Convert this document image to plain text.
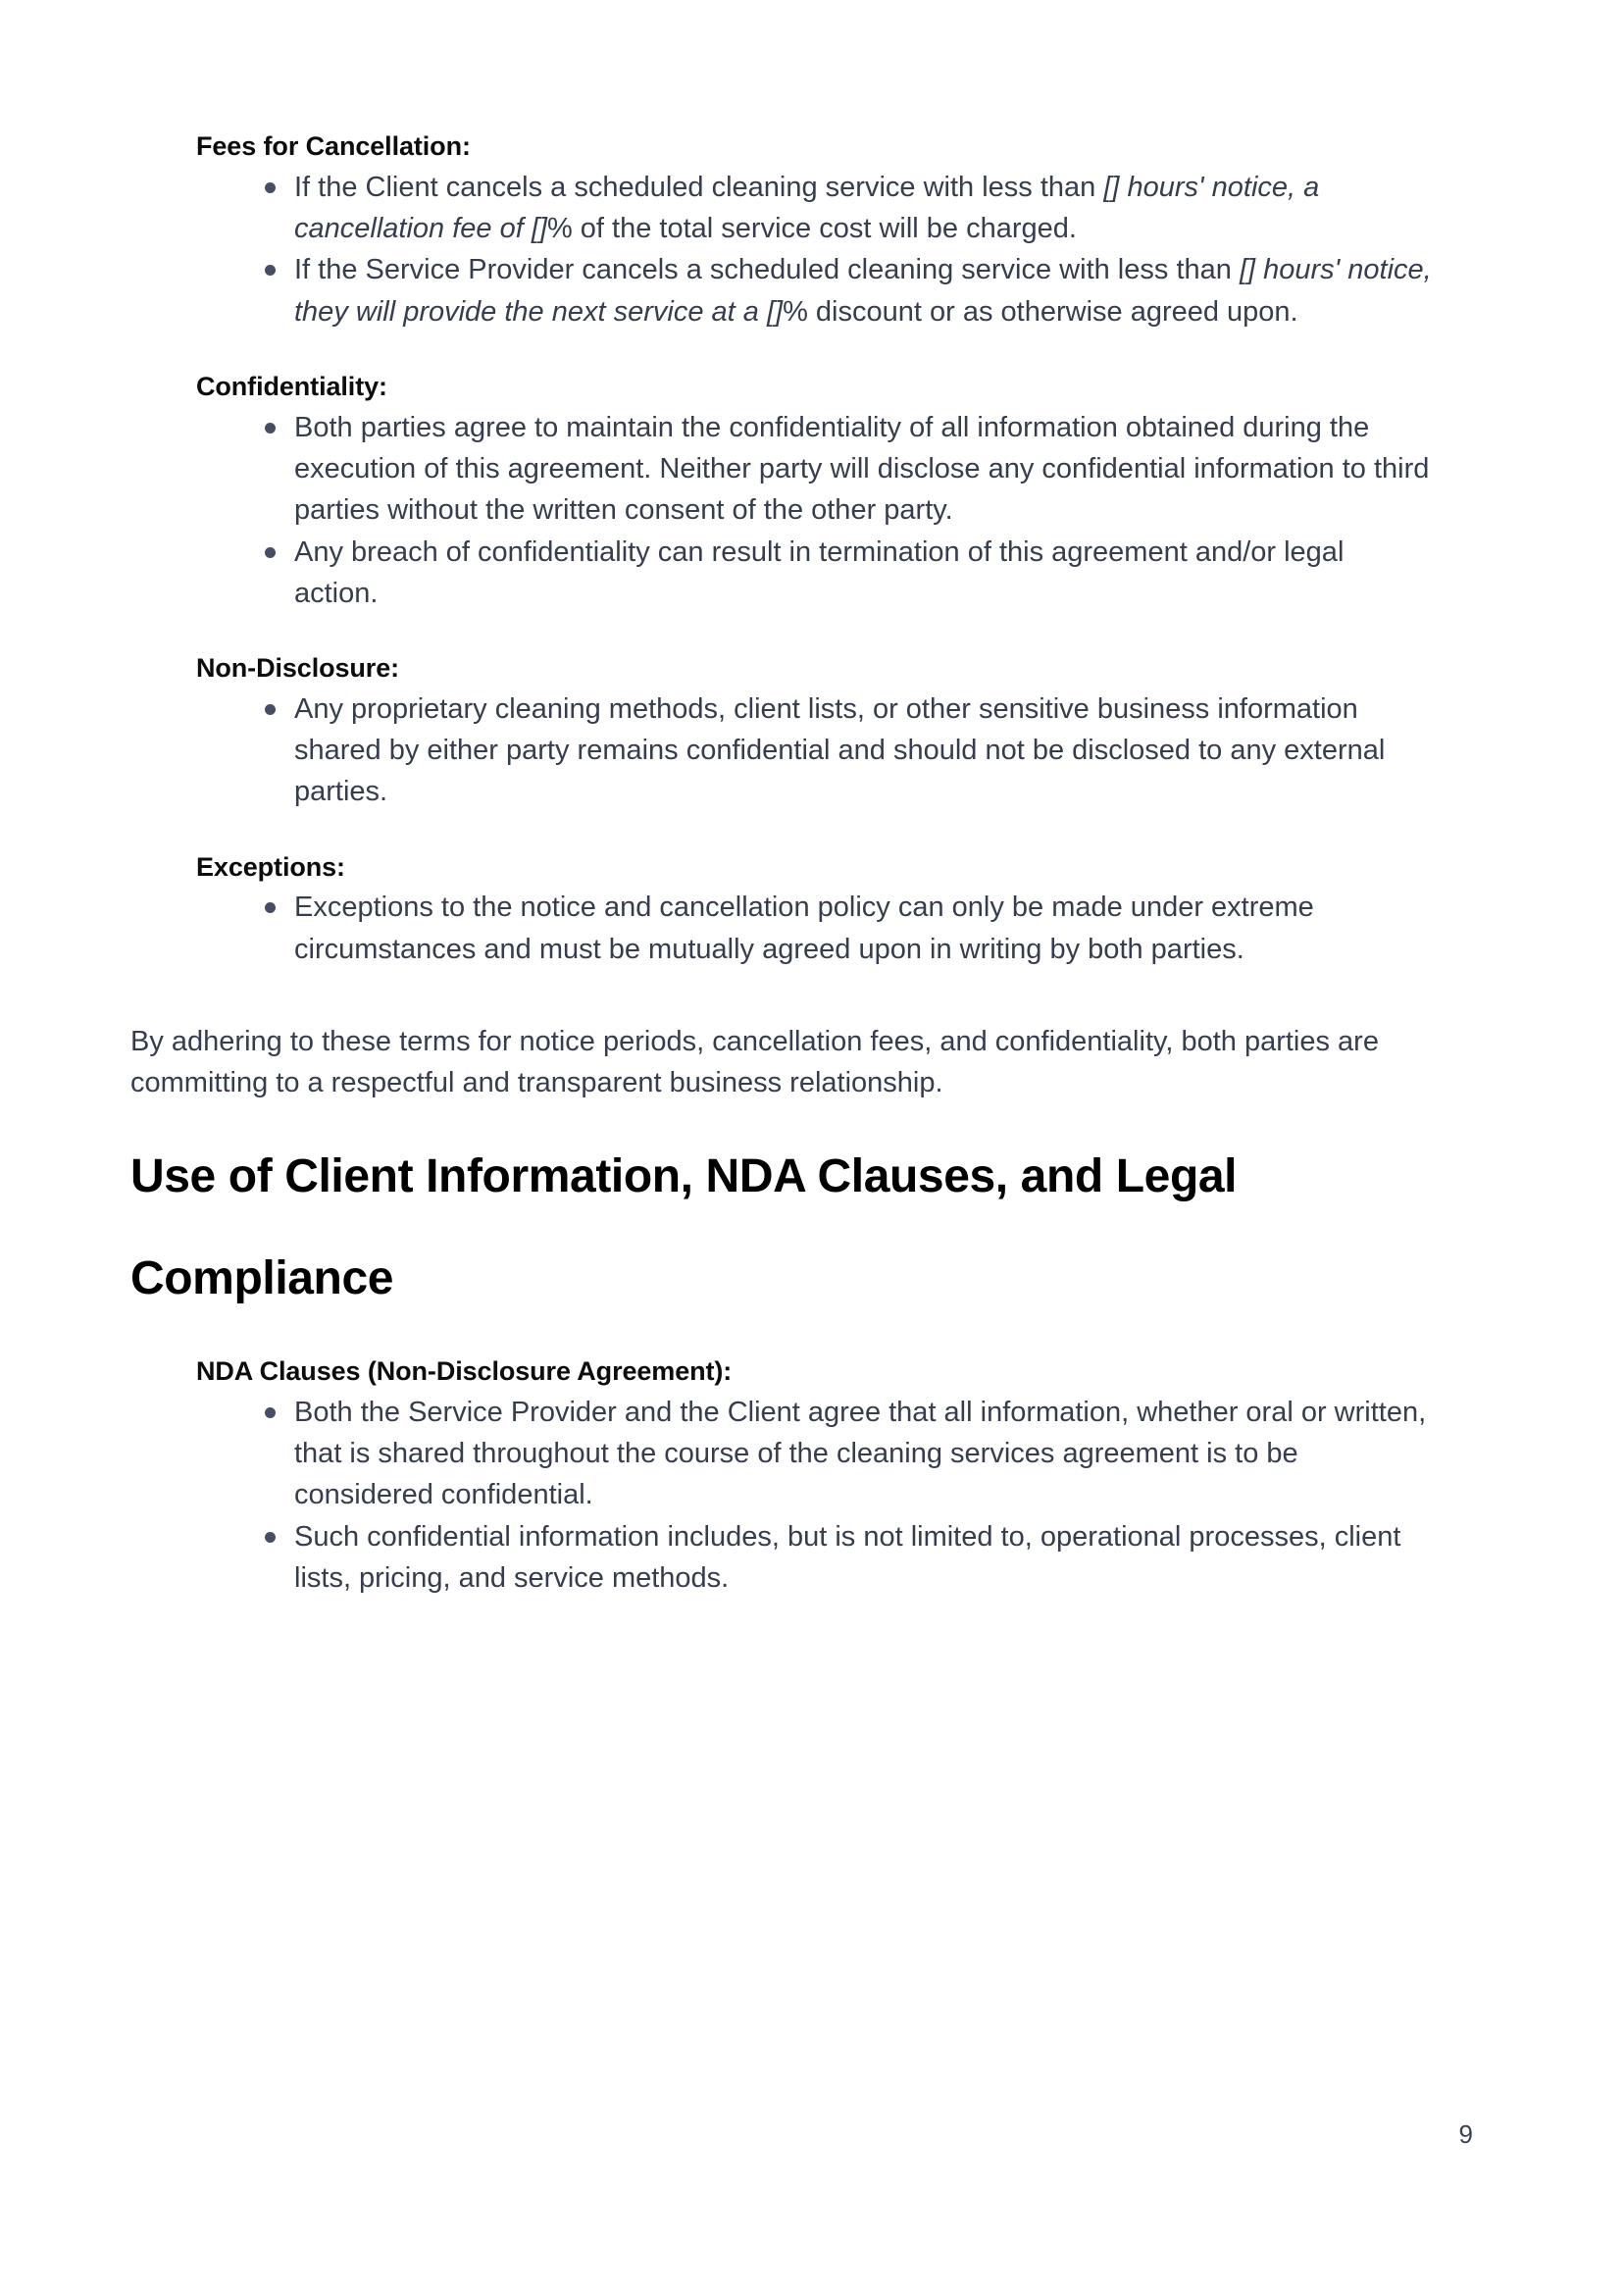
Fees for Cancellation:
If the Client cancels a scheduled cleaning service with less than [] hours' notice, a cancellation fee of []% of the total service cost will be charged.
If the Service Provider cancels a scheduled cleaning service with less than [] hours' notice, they will provide the next service at a []% discount or as otherwise agreed upon.
Confidentiality:
Both parties agree to maintain the confidentiality of all information obtained during the execution of this agreement. Neither party will disclose any confidential information to third parties without the written consent of the other party.
Any breach of confidentiality can result in termination of this agreement and/or legal action.
Non-Disclosure:
Any proprietary cleaning methods, client lists, or other sensitive business information shared by either party remains confidential and should not be disclosed to any external parties.
Exceptions:
Exceptions to the notice and cancellation policy can only be made under extreme circumstances and must be mutually agreed upon in writing by both parties.

By adhering to these terms for notice periods, cancellation fees, and confidentiality, both parties are committing to a respectful and transparent business relationship.

Use of Client Information, NDA Clauses, and Legal Compliance
NDA Clauses (Non-Disclosure Agreement):
Both the Service Provider and the Client agree that all information, whether oral or written, that is shared throughout the course of the cleaning services agreement is to be considered confidential.
Such confidential information includes, but is not limited to, operational processes, client lists, pricing, and service methods.
9
